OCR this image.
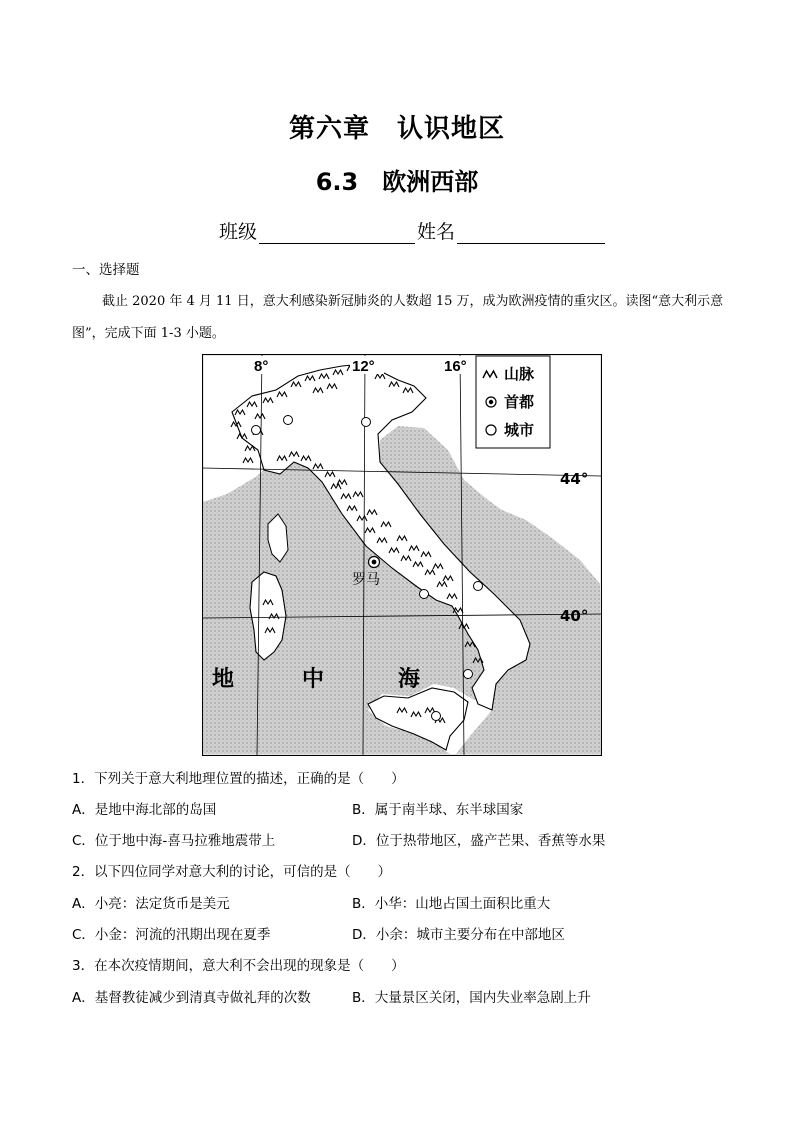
第六章　认识地区
6.3　欧洲西部
班级	姓名
一、选择题
截止 2020 年 4 月 11 日，意大利感染新冠肺炎的人数超 15 万，成为欧洲疫情的重灾区。读图“意大利示意图”，完成下面 1-3 小题。
山脉
首都
城市
8°	12°	16°
罗马
地	中	海
44°
40°
1．下列关于意大利地理位置的描述，正确的是（　　）
A．是地中海北部的岛国	B．属于南半球、东半球国家
C．位于地中海-喜马拉雅地震带上	D．位于热带地区，盛产芒果、香蕉等水果
2．以下四位同学对意大利的讨论，可信的是（　　）
A．小亮：法定货币是美元	B．小华：山地占国土面积比重大
C．小金：河流的汛期出现在夏季	D．小余：城市主要分布在中部地区
3．在本次疫情期间，意大利不会出现的现象是（　　）
A．基督教徒减少到清真寺做礼拜的次数	B．大量景区关闭，国内失业率急剧上升
